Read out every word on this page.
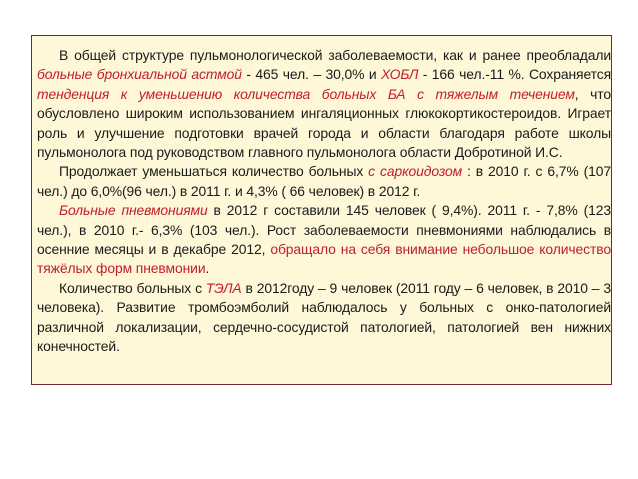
В общей структуре пульмонологической заболеваемости, как и ранее преобладали больные бронхиальной астмой - 465 чел. – 30,0% и ХОБЛ - 166 чел.-11 %. Сохраняется тенденция к уменьшению количества больных БА с тяжелым течением, что обусловлено широким использованием ингаляционных глюкокортикостероидов. Играет роль и улучшение подготовки врачей города и области благодаря работе школы пульмонолога под руководством главного пульмонолога области Добротиной И.С.

Продолжает уменьшаться количество больных с саркоидозом : в 2010 г. с 6,7% (107 чел.) до 6,0%(96 чел.) в 2011 г. и 4,3% ( 66 человек) в 2012 г.

Больные пневмониями в 2012 г составили 145 человек ( 9,4%). 2011 г. - 7,8% (123 чел.), в 2010 г.- 6,3% (103 чел.). Рост заболеваемости пневмониями наблюдались в осенние месяцы и в декабре 2012, обращало на себя внимание небольшое количество тяжёлых форм пневмонии.

Количество больных с ТЭЛА в 2012году – 9 человек (2011 году – 6 человек, в 2010 – 3 человека). Развитие тромбоэмболий наблюдалось у больных с онко-патологией различной локализации, сердечно-сосудистой патологией, патологией вен нижних конечностей.
